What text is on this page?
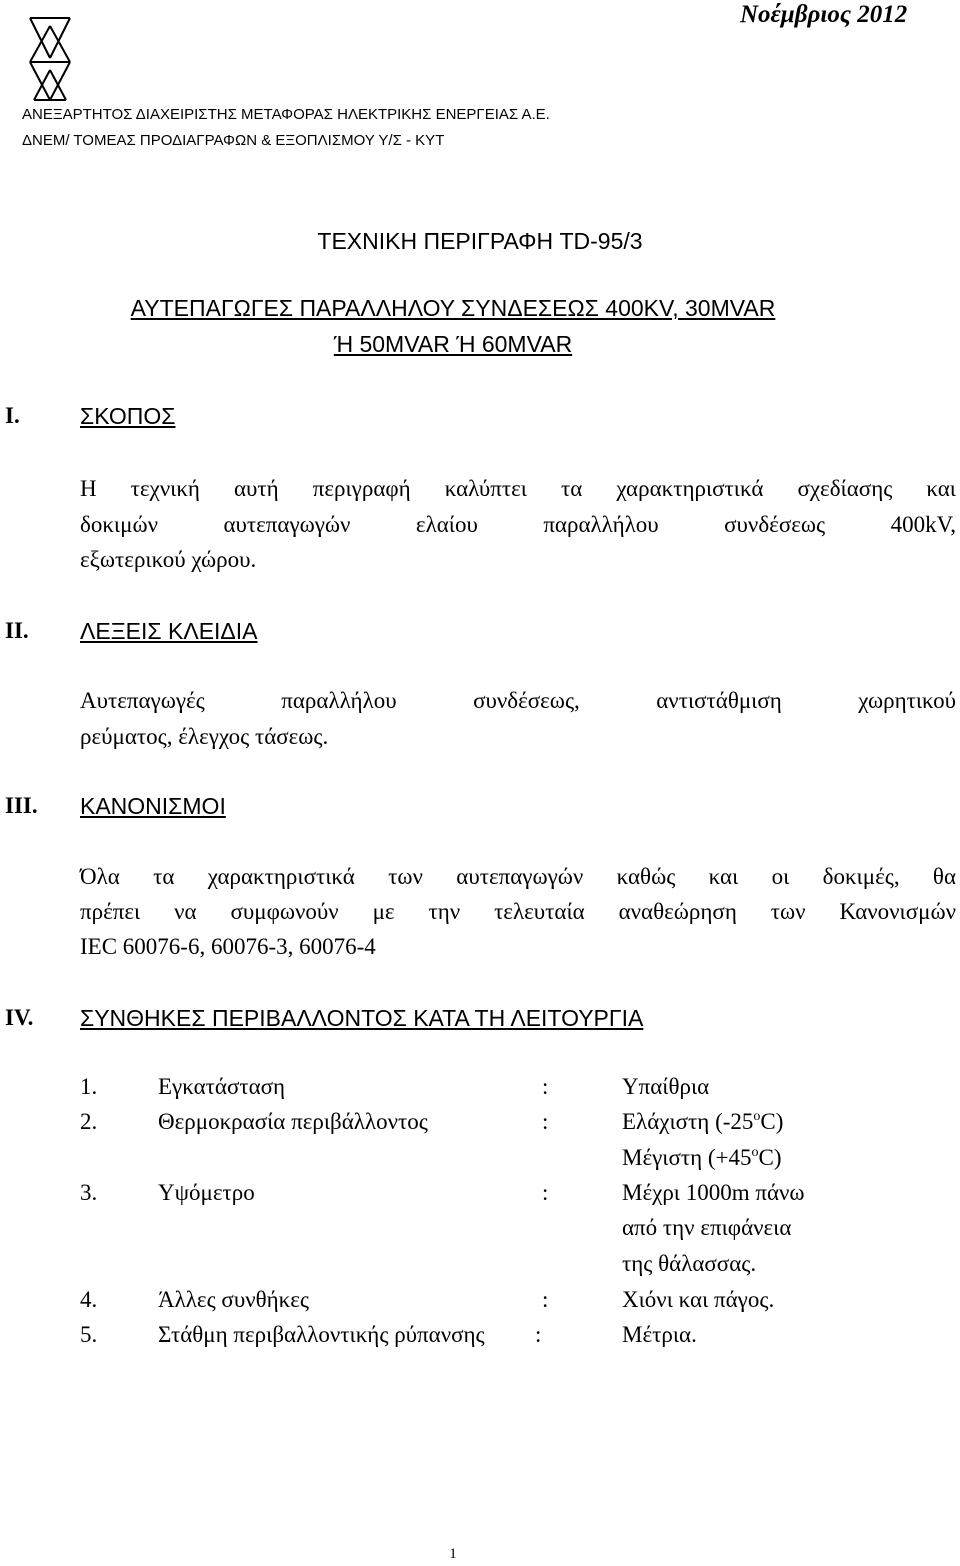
Νοέμβριος 2012
ΑΝΕΞΑΡΤΗΤΟΣ ΔΙΑΧΕΙΡΙΣΤΗΣ ΜΕΤΑΦΟΡΑΣ ΗΛΕΚΤΡΙΚΗΣ ΕΝΕΡΓΕΙΑΣ Α.Ε.
ΔΝΕΜ/ ΤΟΜΕΑΣ ΠΡΟΔΙΑΓΡΑΦΩΝ & ΕΞΟΠΛΙΣΜΟΥ Υ/Σ - ΚΥΤ
ΤΕΧΝΙΚΗ ΠΕΡΙΓΡΑΦΗ TD-95/3
ΑΥΤΕΠΑΓΩΓΕΣ ΠΑΡΑΛΛΗΛΟΥ ΣΥΝΔΕΣΕΩΣ 400KV, 30MVAR
Ή 50MVAR Ή 60MVAR
I.	ΣΚΟΠΟΣ
Η τεχνική αυτή περιγραφή καλύπτει τα χαρακτηριστικά σχεδίασης και
δοκιμών αυτεπαγωγών ελαίου παραλλήλου συνδέσεως 400kV,
εξωτερικού χώρου.
II. ΛΕΞΕΙΣ ΚΛΕΙΔΙΑ
Αυτεπαγωγές παραλλήλου συνδέσεως, αντιστάθμιση χωρητικού
ρεύματος, έλεγχος τάσεως.
III. ΚΑΝΟΝΙΣΜΟΙ
Όλα τα χαρακτηριστικά των αυτεπαγωγών καθώς και οι δοκιμές, θα
πρέπει να συμφωνούν με την τελευταία αναθεώρηση των Κανονισμών
IEC 60076-6, 60076-3, 60076-4
IV. ΣΥΝΘΗΚΕΣ ΠΕΡΙΒΑΛΛΟΝΤΟΣ ΚΑΤΑ ΤΗ ΛΕΙΤΟΥΡΓΙΑ
1.	Εγκατάσταση	:	Υπαίθρια
2.	Θερμοκρασία περιβάλλοντος	:	Ελάχιστη $(-25^oC)$
Μέγιστη $(+45^oC)$
3.	Υψόμετρο	:	Μέχρι 1000m πάνω
από την επιφάνεια
της θάλασσας.
4.	Άλλες συνθήκες	:	Χιόνι και πάγος.
5.	Στάθμη περιβαλλοντικής ρύπανσης :	Μέτρια.
1
